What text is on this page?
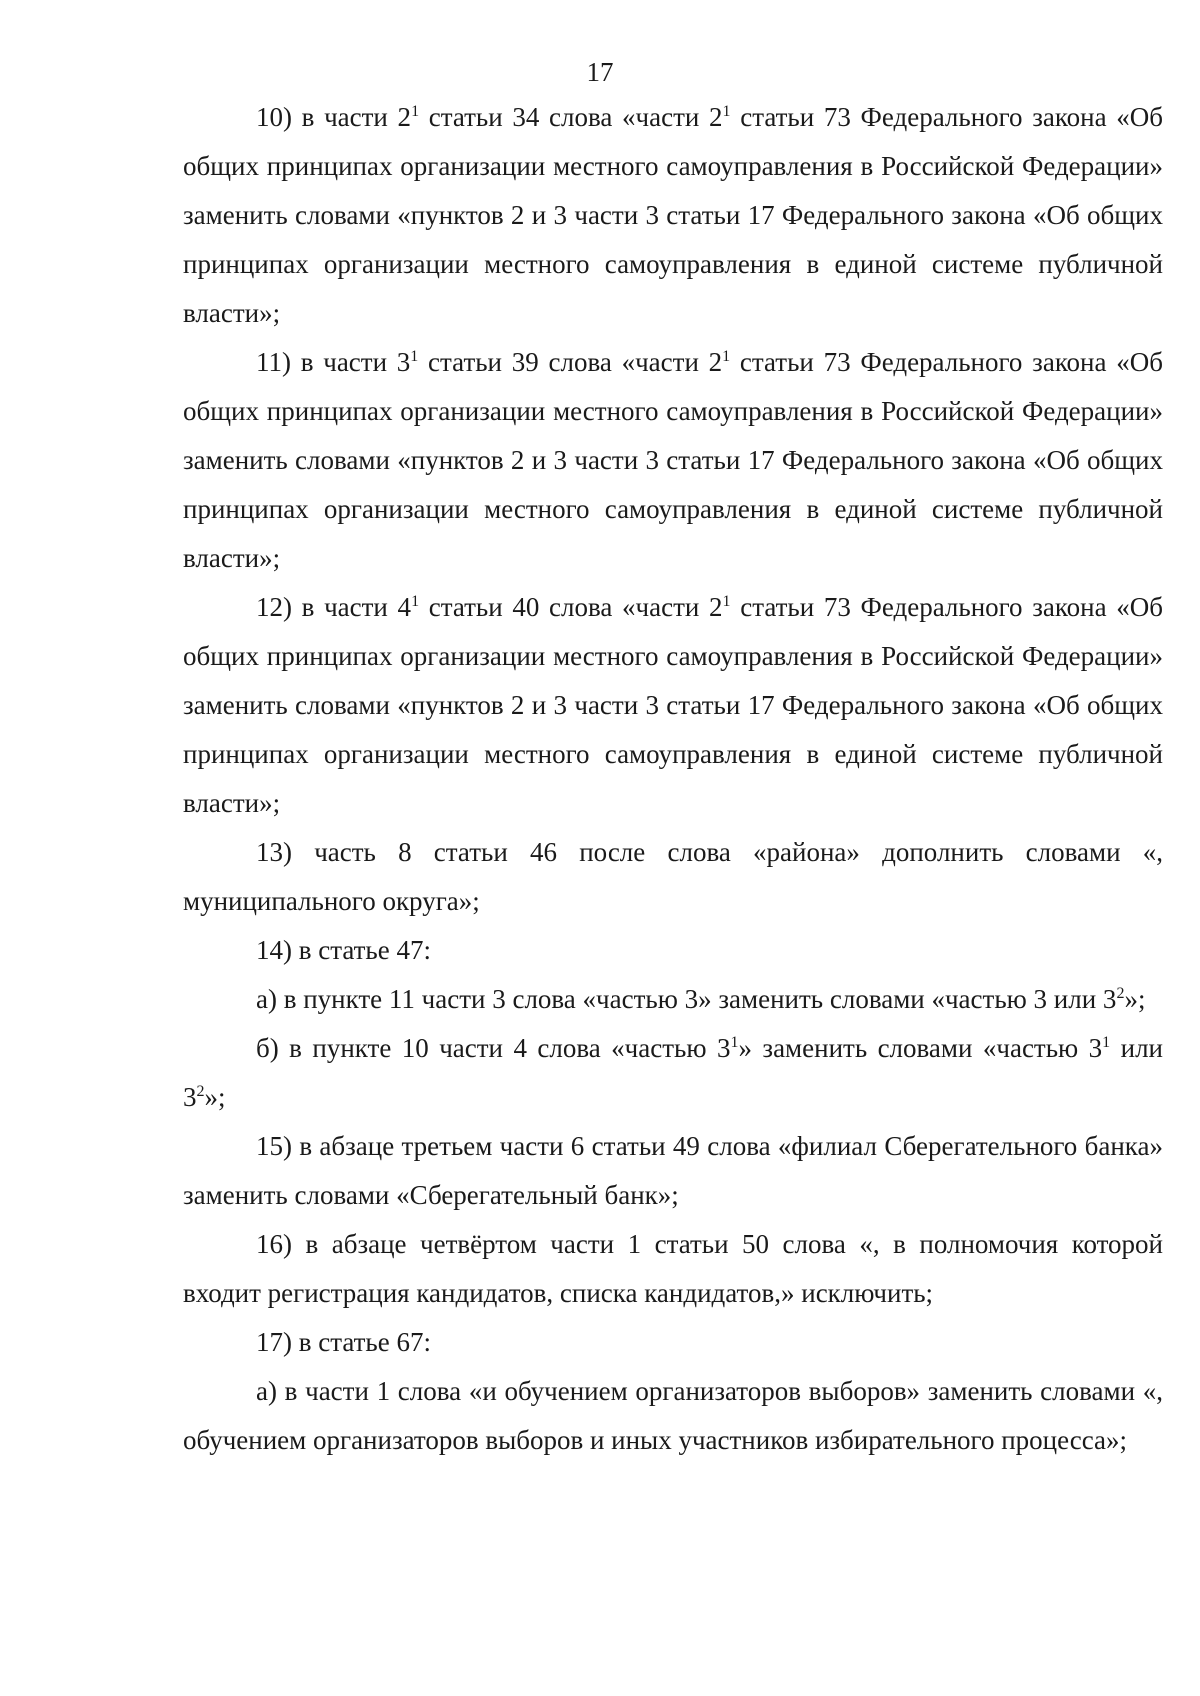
17

10) в части $2^1$ статьи 34 слова «части $2^1$ статьи 73 Федерального закона «Об общих принципах организации местного самоуправления в Российской Федерации» заменить словами «пунктов 2 и 3 части 3 статьи 17 Федерального закона «Об общих принципах организации местного самоуправления в единой системе публичной власти»;

11) в части $3^1$ статьи 39 слова «части $2^1$ статьи 73 Федерального закона «Об общих принципах организации местного самоуправления в Российской Федерации» заменить словами «пунктов 2 и 3 части 3 статьи 17 Федерального закона «Об общих принципах организации местного самоуправления в единой системе публичной власти»;

12) в части $4^1$ статьи 40 слова «части $2^1$ статьи 73 Федерального закона «Об общих принципах организации местного самоуправления в Российской Федерации» заменить словами «пунктов 2 и 3 части 3 статьи 17 Федерального закона «Об общих принципах организации местного самоуправления в единой системе публичной власти»;

13) часть 8 статьи 46 после слова «района» дополнить словами «, муниципального округа»;

14) в статье 47:

а) в пункте 11 части 3 слова «частью 3» заменить словами «частью 3 или $3^2$»;

б) в пункте 10 части 4 слова «частью $3^1$» заменить словами «частью $3^1$ или $3^2$»;

15) в абзаце третьем части 6 статьи 49 слова «филиал Сберегательного банка» заменить словами «Сберегательный банк»;

16) в абзаце четвёртом части 1 статьи 50 слова «, в полномочия которой входит регистрация кандидатов, списка кандидатов,» исключить;

17) в статье 67:

а) в части 1 слова «и обучением организаторов выборов» заменить словами «, обучением организаторов выборов и иных участников избирательного процесса»;
